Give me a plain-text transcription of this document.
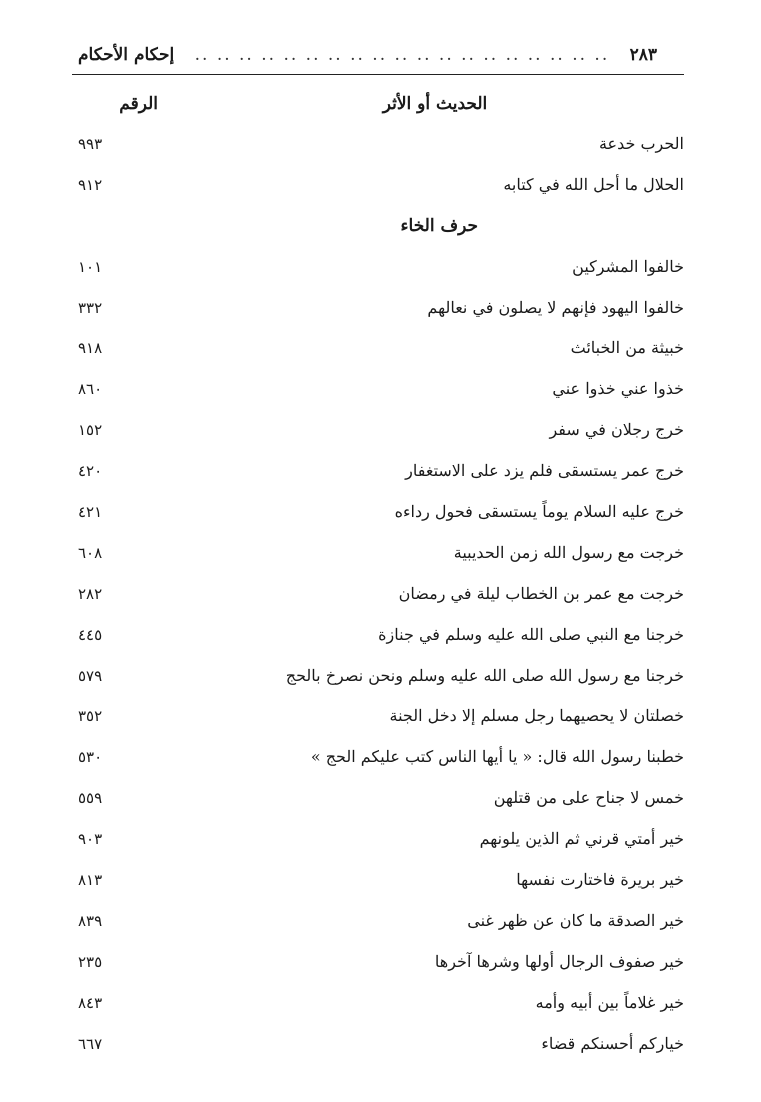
٢٨٣
.. .. .. .. .. .. .. .. .. .. .. .. .. .. .. .. .. .. ..
إحكام الأحكام
الحديث أو الأثر
الرقم
الحرب خدعة
٩٩٣
الحلال ما أحل الله في كتابه
٩١٢
حرف الخاء
خالفوا المشركين
١٠١
خالفوا اليهود فإنهم لا يصلون في نعالهم
٣٣٢
خبيثة من الخبائث
٩١٨
خذوا عني خذوا عني
٨٦٠
خرج رجلان في سفر
١٥٢
خرج عمر يستسقى فلم يزد على الاستغفار
٤٢٠
خرج عليه السلام يوماً يستسقى فحول رداءه
٤٢١
خرجت مع رسول الله زمن الحديبية
٦٠٨
خرجت مع عمر بن الخطاب ليلة في رمضان
٢٨٢
خرجنا مع النبي صلى الله عليه وسلم في جنازة
٤٤٥
خرجنا مع رسول الله صلى الله عليه وسلم ونحن نصرخ بالحج
٥٧٩
خصلتان لا يحصيهما رجل مسلم إلا دخل الجنة
٣٥٢
خطبنا رسول الله قال: « يا أيها الناس كتب عليكم الحج »
٥٣٠
خمس لا جناح على من قتلهن
٥٥٩
خير أمتي قرني ثم الذين يلونهم
٩٠٣
خير بريرة فاختارت نفسها
٨١٣
خير الصدقة ما كان عن ظهر غنى
٨٣٩
خير صفوف الرجال أولها وشرها آخرها
٢٣٥
خير غلاماً بين أبيه وأمه
٨٤٣
خياركم أحسنكم قضاء
٦٦٧
